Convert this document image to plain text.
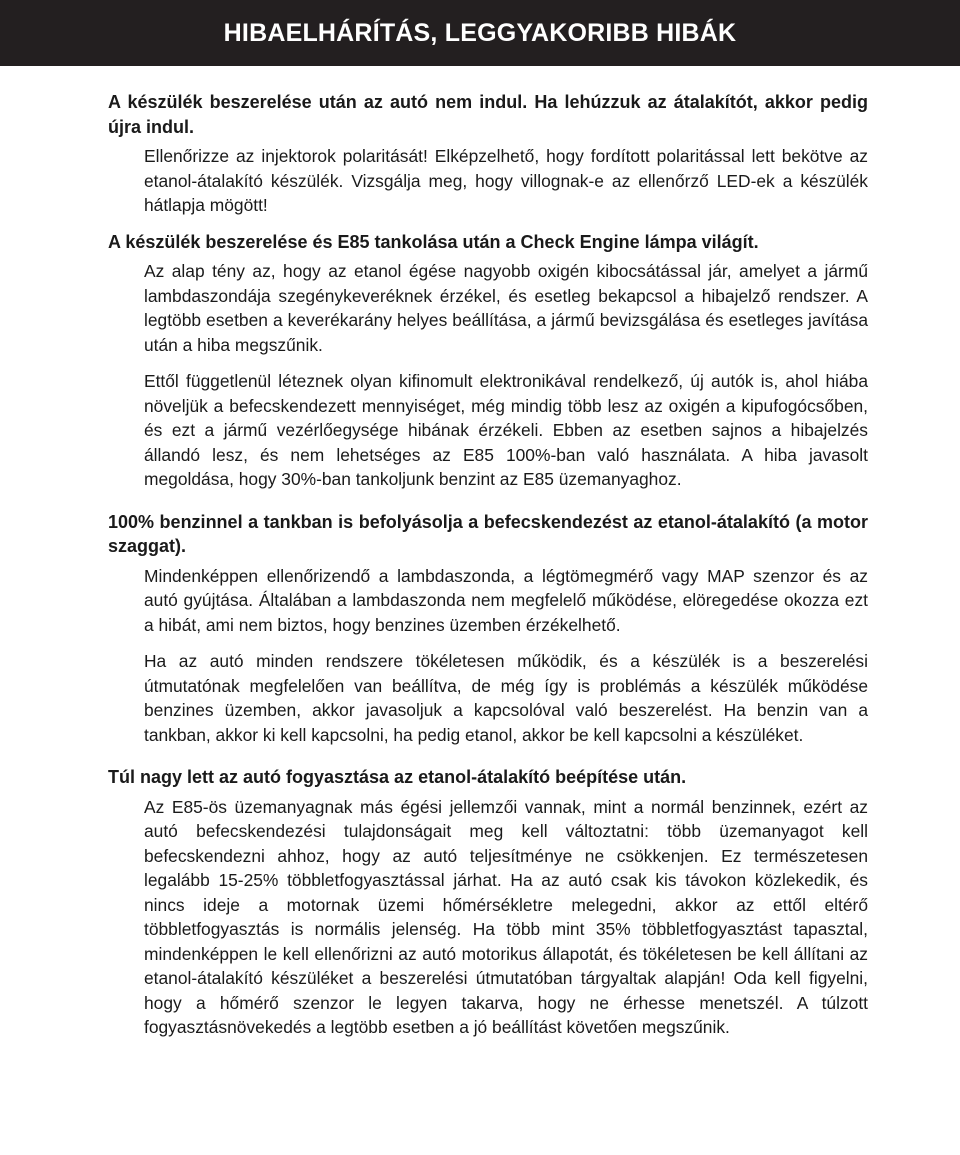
HIBAELHÁRÍTÁS, LEGGYAKORIBB HIBÁK

A készülék beszerelése után az autó nem indul. Ha lehúzzuk az átalakítót, akkor pedig újra indul.

Ellenőrizze az injektorok polaritását! Elképzelhető, hogy fordított polaritással lett bekötve az etanol-átalakító készülék. Vizsgálja meg, hogy villognak-e az ellenőrző LED-ek a készülék hátlapja mögött!

A készülék beszerelése és E85 tankolása után a Check Engine lámpa világít.

Az alap tény az, hogy az etanol égése nagyobb oxigén kibocsátással jár, amelyet a jármű lambdaszondája szegénykeveréknek érzékel, és esetleg bekapcsol a hibajelző rendszer. A legtöbb esetben a keverékarány helyes beállítása, a jármű bevizsgálása és esetleges javítása után a hiba megszűnik.

Ettől függetlenül léteznek olyan kifinomult elektronikával rendelkező, új autók is, ahol hiába növeljük a befecskendezett mennyiséget, még mindig több lesz az oxigén a kipufogócsőben, és ezt a jármű vezérlőegysége hibának érzékeli. Ebben az esetben sajnos a hibajelzés állandó lesz, és nem lehetséges az E85 100%-ban való használata. A hiba javasolt megoldása, hogy 30%-ban tankoljunk benzint az E85 üzemanyaghoz.

100% benzinnel a tankban is befolyásolja a befecskendezést az etanol-átalakító (a motor szaggat).

Mindenképpen ellenőrizendő a lambdaszonda, a légtömegmérő vagy MAP szenzor és az autó gyújtása. Általában a lambdaszonda nem megfelelő működése, elöregedése okozza ezt a hibát, ami nem biztos, hogy benzines üzemben érzékelhető.

Ha az autó minden rendszere tökéletesen működik, és a készülék is a beszerelési útmutatónak megfelelően van beállítva, de még így is problémás a készülék működése benzines üzemben, akkor javasoljuk a kapcsolóval való beszerelést. Ha benzin van a tankban, akkor ki kell kapcsolni, ha pedig etanol, akkor be kell kapcsolni a készüléket.

Túl nagy lett az autó fogyasztása az etanol-átalakító beépítése után.

Az E85-ös üzemanyagnak más égési jellemzői vannak, mint a normál benzinnek, ezért az autó befecskendezési tulajdonságait meg kell változtatni: több üzemanyagot kell befecskendezni ahhoz, hogy az autó teljesítménye ne csökkenjen. Ez természetesen legalább 15-25% többletfogyasztással járhat. Ha az autó csak kis távokon közlekedik, és nincs ideje a motornak üzemi hőmérsékletre melegedni, akkor az ettől eltérő többletfogyasztás is normális jelenség. Ha több mint 35% többletfogyasztást tapasztal, mindenképpen le kell ellenőrizni az autó motorikus állapotát, és tökéletesen be kell állítani az etanol-átalakító készüléket a beszerelési útmutatóban tárgyaltak alapján! Oda kell figyelni, hogy a hőmérő szenzor le legyen takarva, hogy ne érhesse menetszél. A túlzott fogyasztásnövekedés a legtöbb esetben a jó beállítást követően megszűnik.
